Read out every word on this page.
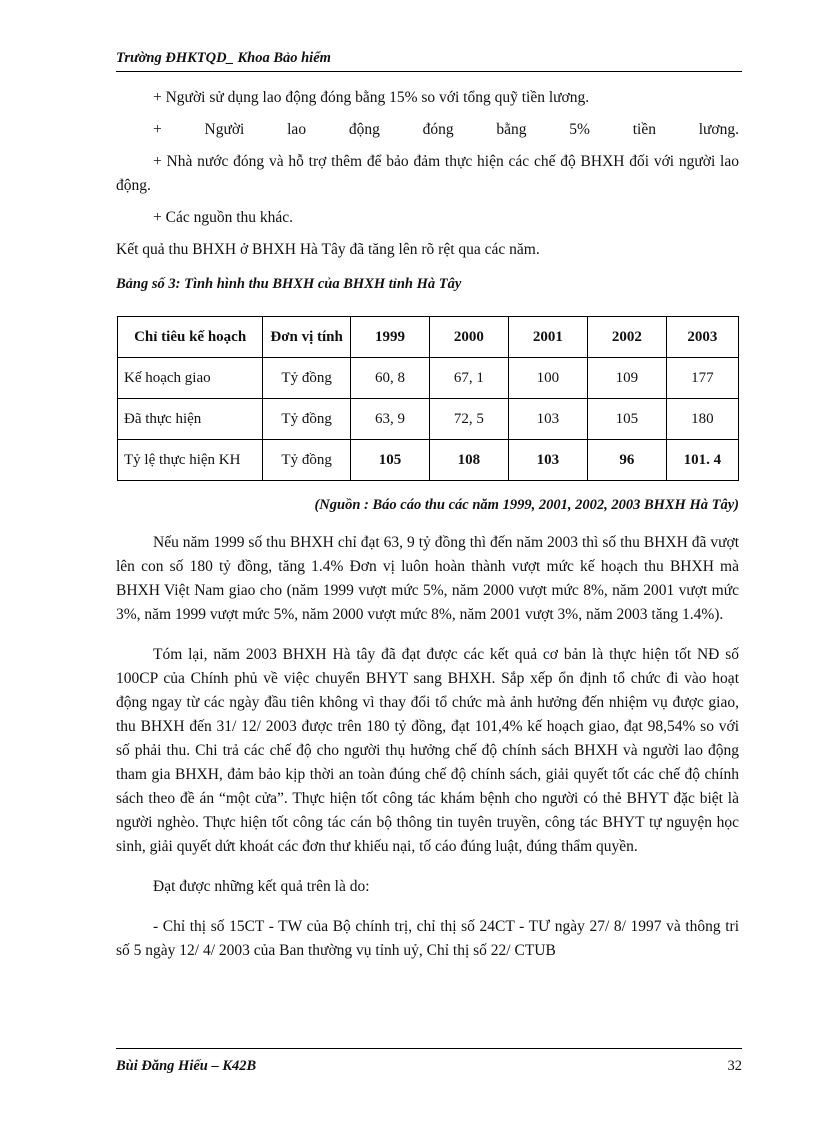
Trường ĐHKTQD_ Khoa Bảo hiểm

+ Người sử dụng lao động đóng bằng 15% so với tổng quỹ tiền lương.

+ Người lao động đóng bằng 5% tiền lương.

+ Nhà nước đóng và hỗ trợ thêm để bảo đảm thực hiện các chế độ BHXH đối với người lao động.

+ Các nguồn thu khác.

Kết quả thu BHXH ở BHXH Hà Tây đã tăng lên rõ rệt qua các năm.

Bảng số 3: Tình hình thu BHXH của BHXH tỉnh Hà Tây

Chỉ tiêu kế hoạch	Đơn vị tính	1999	2000	2001	2002	2003
Kế hoạch giao	Tỷ đồng	60, 8	67, 1	100	109	177
Đã thực hiện	Tỷ đồng	63, 9	72, 5	103	105	180
Tỷ lệ thực hiện KH	Tỷ đồng	105	108	103	96	101. 4

(Nguồn : Báo cáo thu các năm 1999, 2001, 2002, 2003 BHXH Hà Tây)

Nếu năm 1999 số thu BHXH chỉ đạt 63, 9 tỷ đồng thì đến năm 2003 thì số thu BHXH đã vượt lên con số 180 tỷ đồng, tăng 1.4% Đơn vị luôn hoàn thành vượt mức kế hoạch thu BHXH mà BHXH Việt Nam giao cho (năm 1999 vượt mức 5%, năm 2000 vượt mức 8%, năm 2001 vượt mức 3%, năm 1999 vượt mức 5%, năm 2000 vượt mức 8%, năm 2001 vượt 3%, năm 2003 tăng 1.4%).

Tóm lại, năm 2003 BHXH Hà tây đã đạt được các kết quả cơ bản là thực hiện tốt NĐ số 100CP của Chính phủ về việc chuyển BHYT sang BHXH. Sắp xếp ổn định tổ chức đi vào hoạt động ngay từ các ngày đầu tiên không vì thay đổi tổ chức mà ảnh hưởng đến nhiệm vụ được giao, thu BHXH đến 31/ 12/ 2003 được trên 180 tỷ đồng, đạt 101,4% kế hoạch giao, đạt 98,54% so với số phải thu. Chi trả các chế độ cho người thụ hưởng chế độ chính sách BHXH và người lao động tham gia BHXH, đảm bảo kịp thời an toàn đúng chế độ chính sách, giải quyết tốt các chế độ chính sách theo đề án “một cửa”. Thực hiện tốt công tác khám bệnh cho người có thẻ BHYT đặc biệt là người nghèo. Thực hiện tốt công tác cán bộ thông tin tuyên truyền, công tác BHYT tự nguyện học sinh, giải quyết dứt khoát các đơn thư khiếu nại, tố cáo đúng luật, đúng thẩm quyền.

Đạt được những kết quả trên là do:

- Chỉ thị số 15CT - TW của Bộ chính trị, chỉ thị số 24CT - TƯ ngày 27/ 8/ 1997 và thông tri số 5 ngày 12/ 4/ 2003 của Ban thường vụ tỉnh uỷ, Chỉ thị số 22/ CTUB

Bùi Đăng Hiếu – K42B	32
